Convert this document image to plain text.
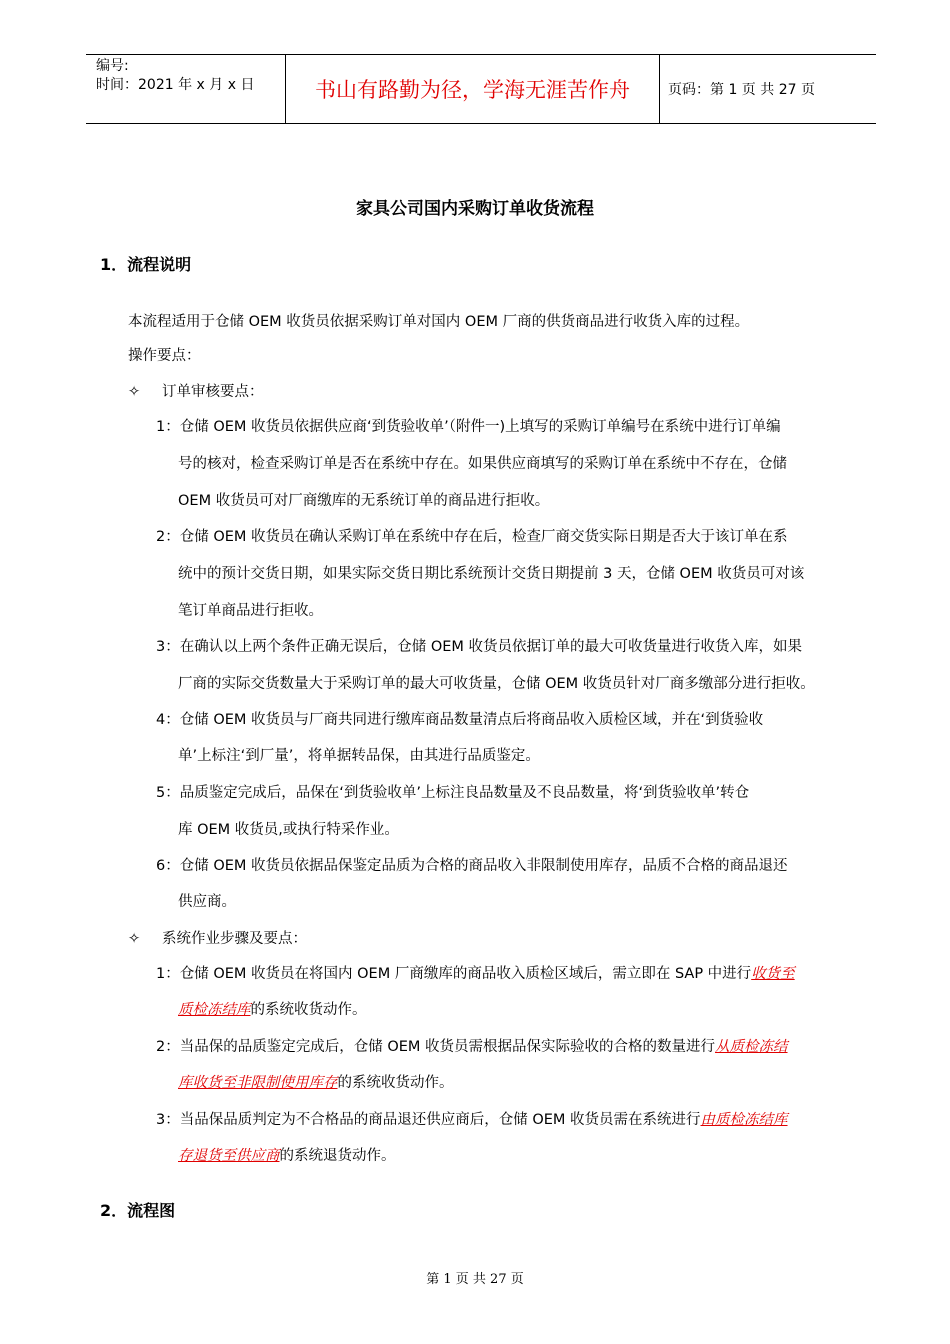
编号:
时间：2021 年 x 月 x 日	书山有路勤为径，学海无涯苦作舟	页码：第 1 页 共 27 页
家具公司国内采购订单收货流程
1．流程说明
本流程适用于仓储 OEM 收货员依据采购订单对国内 OEM 厂商的供货商品进行收货入库的过程。
操作要点：
✧ 订单审核要点：
1：仓储 OEM 收货员依据供应商‘到货验收单’（附件一)上填写的采购订单编号在系统中进行订单编
号的核对，检查采购订单是否在系统中存在。如果供应商填写的采购订单在系统中不存在，仓储
OEM 收货员可对厂商缴库的无系统订单的商品进行拒收。
2：仓储 OEM 收货员在确认采购订单在系统中存在后，检查厂商交货实际日期是否大于该订单在系
统中的预计交货日期，如果实际交货日期比系统预计交货日期提前 3 天，仓储 OEM 收货员可对该
笔订单商品进行拒收。
3：在确认以上两个条件正确无误后，仓储 OEM 收货员依据订单的最大可收货量进行收货入库，如果
厂商的实际交货数量大于采购订单的最大可收货量，仓储 OEM 收货员针对厂商多缴部分进行拒收。
4：仓储 OEM 收货员与厂商共同进行缴库商品数量清点后将商品收入质检区域，并在‘到货验收
单’上标注‘到厂量’，将单据转品保，由其进行品质鉴定。
5：品质鉴定完成后，品保在‘到货验收单’上标注良品数量及不良品数量，将‘到货验收单’转仓
库 OEM 收货员,或执行特采作业。
6：仓储 OEM 收货员依据品保鉴定品质为合格的商品收入非限制使用库存，品质不合格的商品退还
供应商。
✧ 系统作业步骤及要点：
1：仓储 OEM 收货员在将国内 OEM 厂商缴库的商品收入质检区域后，需立即在 SAP 中进行收货至
质检冻结库的系统收货动作。
2：当品保的品质鉴定完成后，仓储 OEM 收货员需根据品保实际验收的合格的数量进行从质检冻结
库收货至非限制使用库存的系统收货动作。
3：当品保品质判定为不合格品的商品退还供应商后，仓储 OEM 收货员需在系统进行由质检冻结库
存退货至供应商的系统退货动作。
2．流程图
第 1 页 共 27 页
